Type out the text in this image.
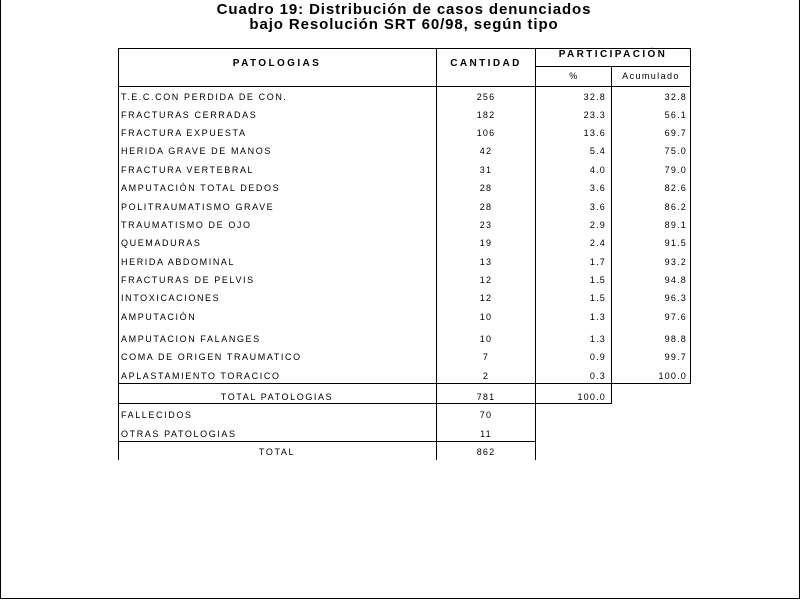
Cuadro 19: Distribución de casos denunciados
bajo Resolución SRT 60/98, según tipo
PATOLOGIAS	CANTIDAD
PARTICIPACIÓN
%	Acumulado
T.E.C.CON PERDIDA DE CON.	256	32.8	32.8
FRACTURAS CERRADAS	182	23.3	56.1
FRACTURA EXPUESTA	106	13.6	69.7
HERIDA GRAVE DE MANOS	42	5.4	75.0
FRACTURA VERTEBRAL	31	4.0	79.0
AMPUTACIÓN TOTAL DEDOS	28	3.6	82.6
POLITRAUMATISMO GRAVE	28	3.6	86.2
TRAUMATISMO DE OJO	23	2.9	89.1
QUEMADURAS	19	2.4	91.5
HERIDA ABDOMINAL	13	1.7	93.2
FRACTURAS DE PELVIS	12	1.5	94.8
INTOXICACIONES	12	1.5	96.3
AMPUTACIÓN	10	1.3	97.6
AMPUTACION FALANGES	10	1.3	98.8
COMA DE ORIGEN TRAUMATICO	7	0.9	99.7
APLASTAMIENTO TORACICO	2	0.3	100.0
TOTAL PATOLOGIAS	781	100.0
FALLECIDOS	70
OTRAS PATOLOGIAS	11
TOTAL	862
